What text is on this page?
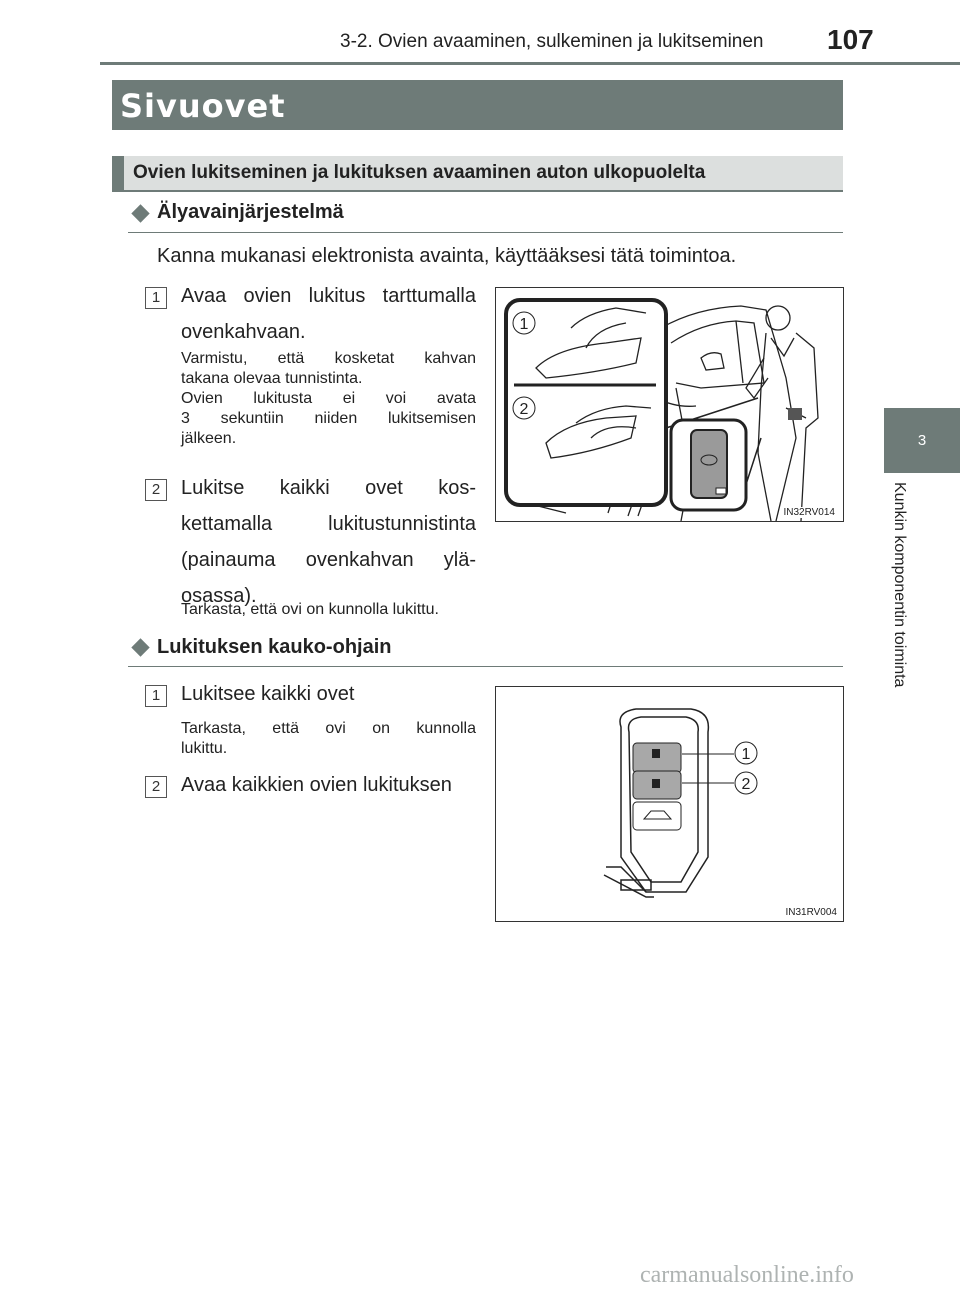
3-2. Ovien avaaminen, sulkeminen ja lukitseminen 107
3
Kunkin komponentin toiminta
Sivuovet
Ovien lukitseminen ja lukituksen avaaminen auton ulkopuolelta
Älyavainjärjestelmä
Kanna mukanasi elektronista avainta, käyttääksesi tätä toimintoa.
1	Avaa ovien lukitus tarttumalla
ovenkahvaan.
Varmistu, että kosketat kahvan
takana olevaa tunnistinta.
Ovien lukitusta ei voi avata
3 sekuntiin niiden lukitsemisen
jälkeen.
2	Lukitse kaikki ovet kos-
kettamalla lukitustunnistinta
(painauma ovenkahvan ylä-
osassa).
Tarkasta, että ovi on kunnolla lukittu.
1
2
IN32RV014
Lukituksen kauko-ohjain
1	Lukitsee kaikki ovet
Tarkasta, että ovi on kunnolla
lukittu.
2	Avaa kaikkien ovien lukituksen
1
2
IN31RV004
carmanualsonline.info
